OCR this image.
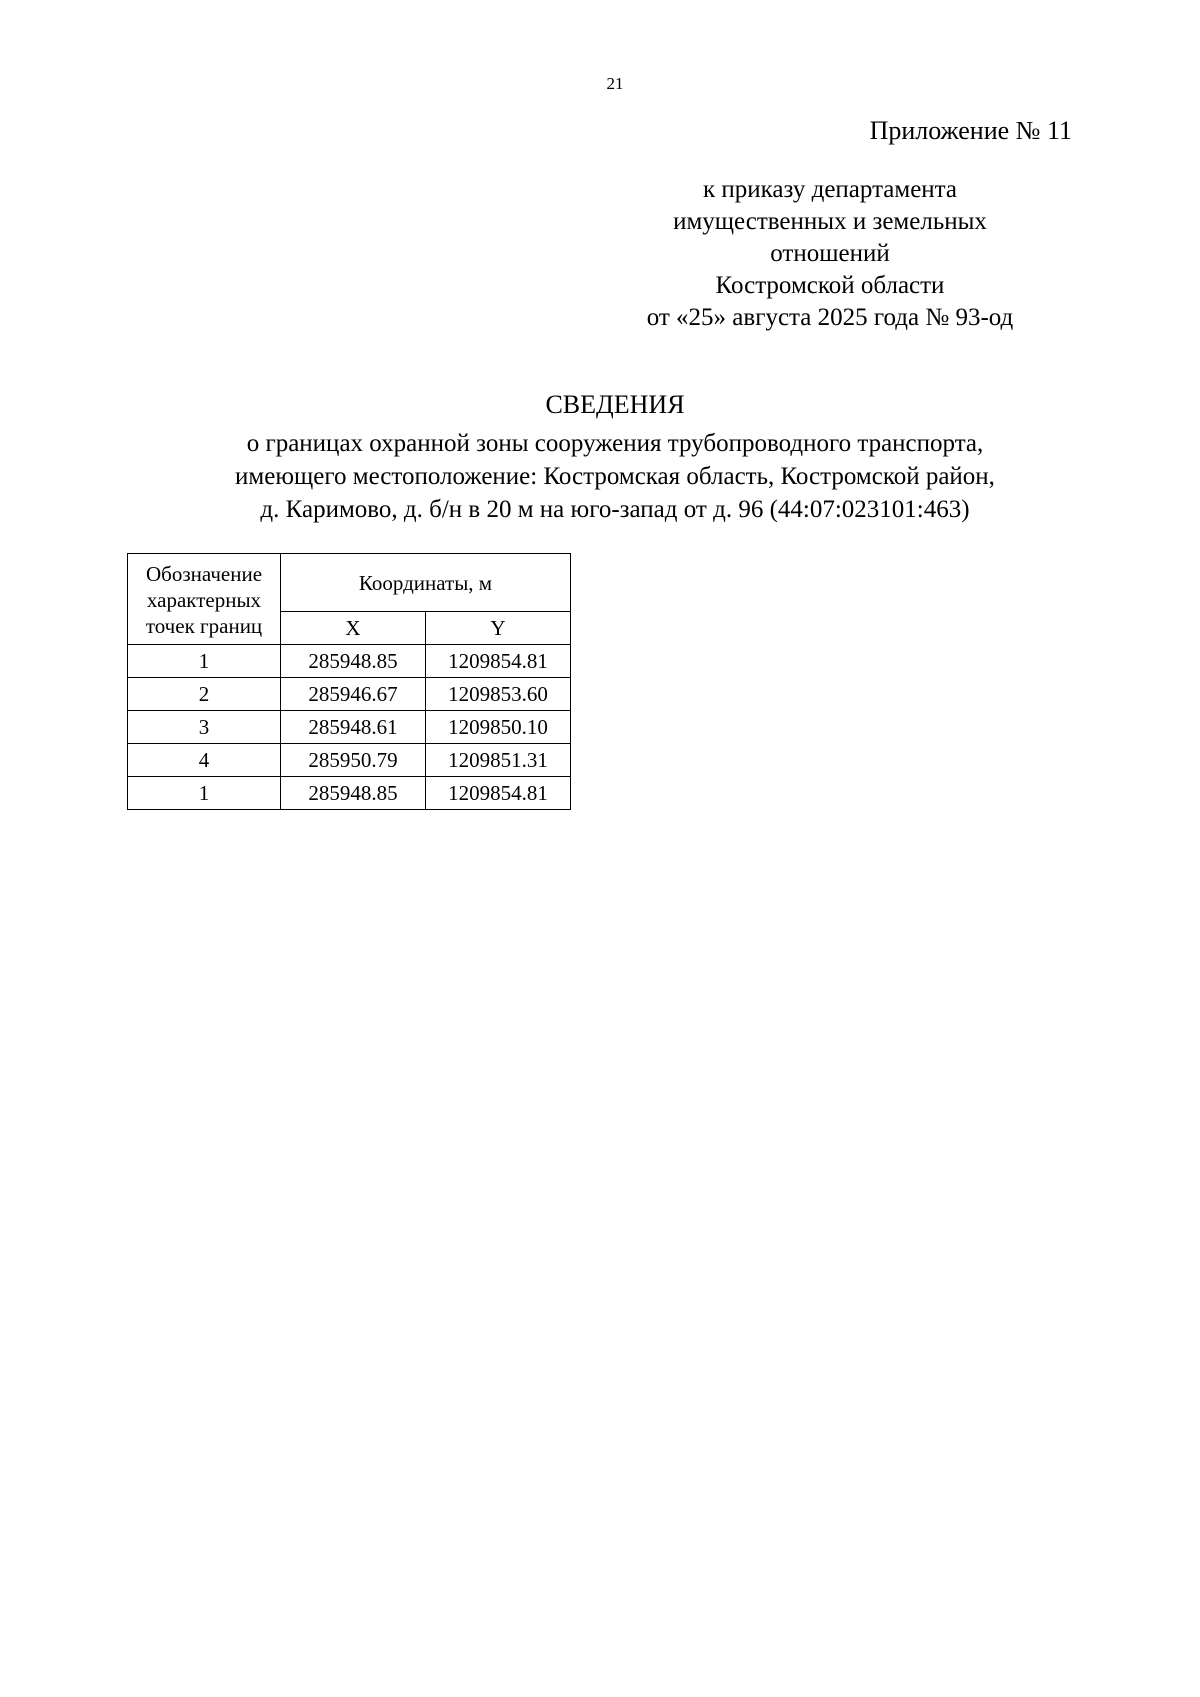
21
Приложение № 11
к приказу департамента
имущественных и земельных
отношений
Костромской области
от «25» августа 2025 года № 93-од
СВЕДЕНИЯ
о границах охранной зоны сооружения трубопроводного транспорта,
имеющего местоположение: Костромская область, Костромской район,
д. Каримово, д. б/н в 20 м на юго-запад от д. 96 (44:07:023101:463)
Обозначение
характерных
точек границ	Координаты, м	
	X	Y
1	285948.85	1209854.81
2	285946.67	1209853.60
3	285948.61	1209850.10
4	285950.79	1209851.31
1	285948.85	1209854.81
